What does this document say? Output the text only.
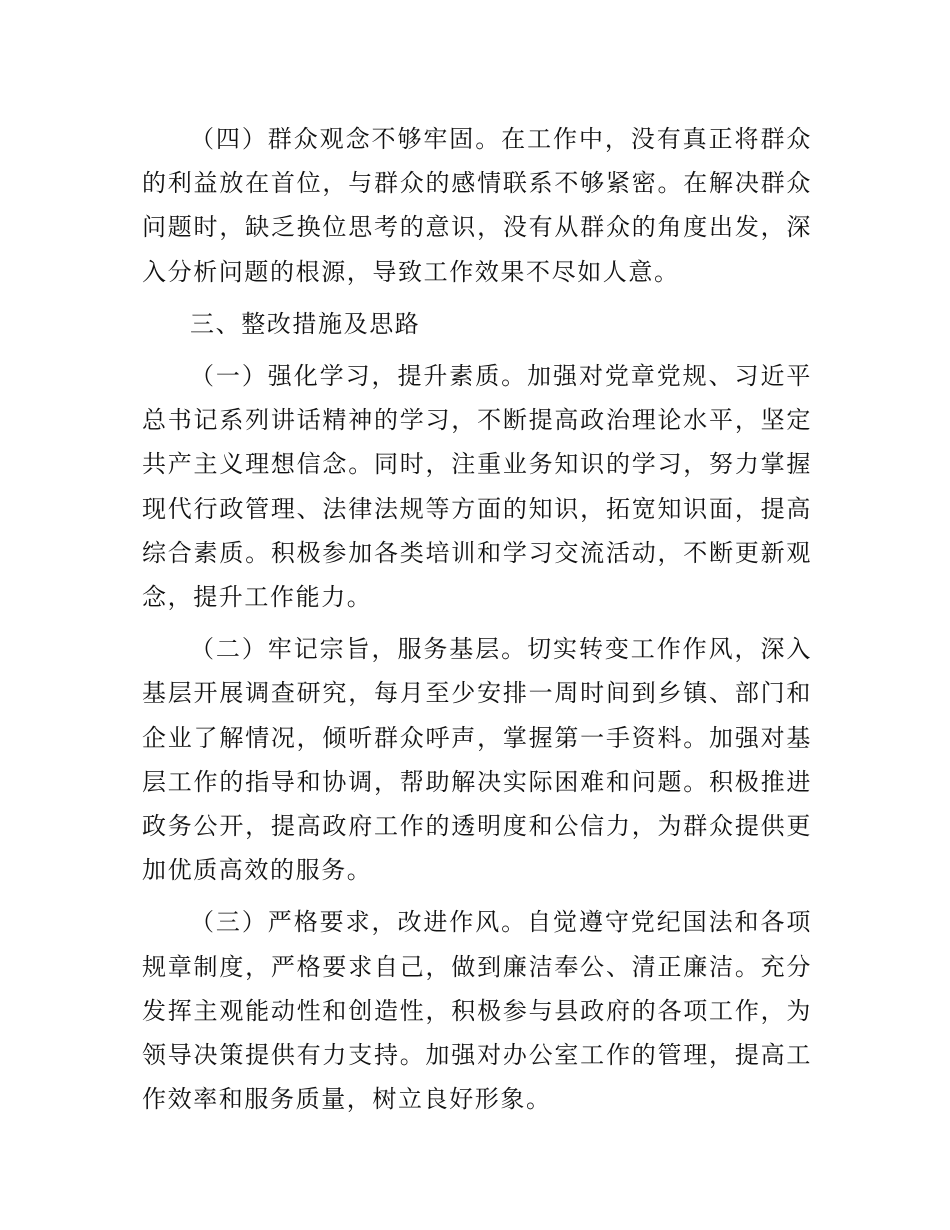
（四）群众观念不够牢固。在工作中，没有真正将群众的利益放在首位，与群众的感情联系不够紧密。在解决群众问题时，缺乏换位思考的意识，没有从群众的角度出发，深入分析问题的根源，导致工作效果不尽如人意。

三、整改措施及思路

（一）强化学习，提升素质。加强对党章党规、习近平总书记系列讲话精神的学习，不断提高政治理论水平，坚定共产主义理想信念。同时，注重业务知识的学习，努力掌握现代行政管理、法律法规等方面的知识，拓宽知识面，提高综合素质。积极参加各类培训和学习交流活动，不断更新观念，提升工作能力。

（二）牢记宗旨，服务基层。切实转变工作作风，深入基层开展调查研究，每月至少安排一周时间到乡镇、部门和企业了解情况，倾听群众呼声，掌握第一手资料。加强对基层工作的指导和协调，帮助解决实际困难和问题。积极推进政务公开，提高政府工作的透明度和公信力，为群众提供更加优质高效的服务。

（三）严格要求，改进作风。自觉遵守党纪国法和各项规章制度，严格要求自己，做到廉洁奉公、清正廉洁。充分发挥主观能动性和创造性，积极参与县政府的各项工作，为领导决策提供有力支持。加强对办公室工作的管理，提高工作效率和服务质量，树立良好形象。
